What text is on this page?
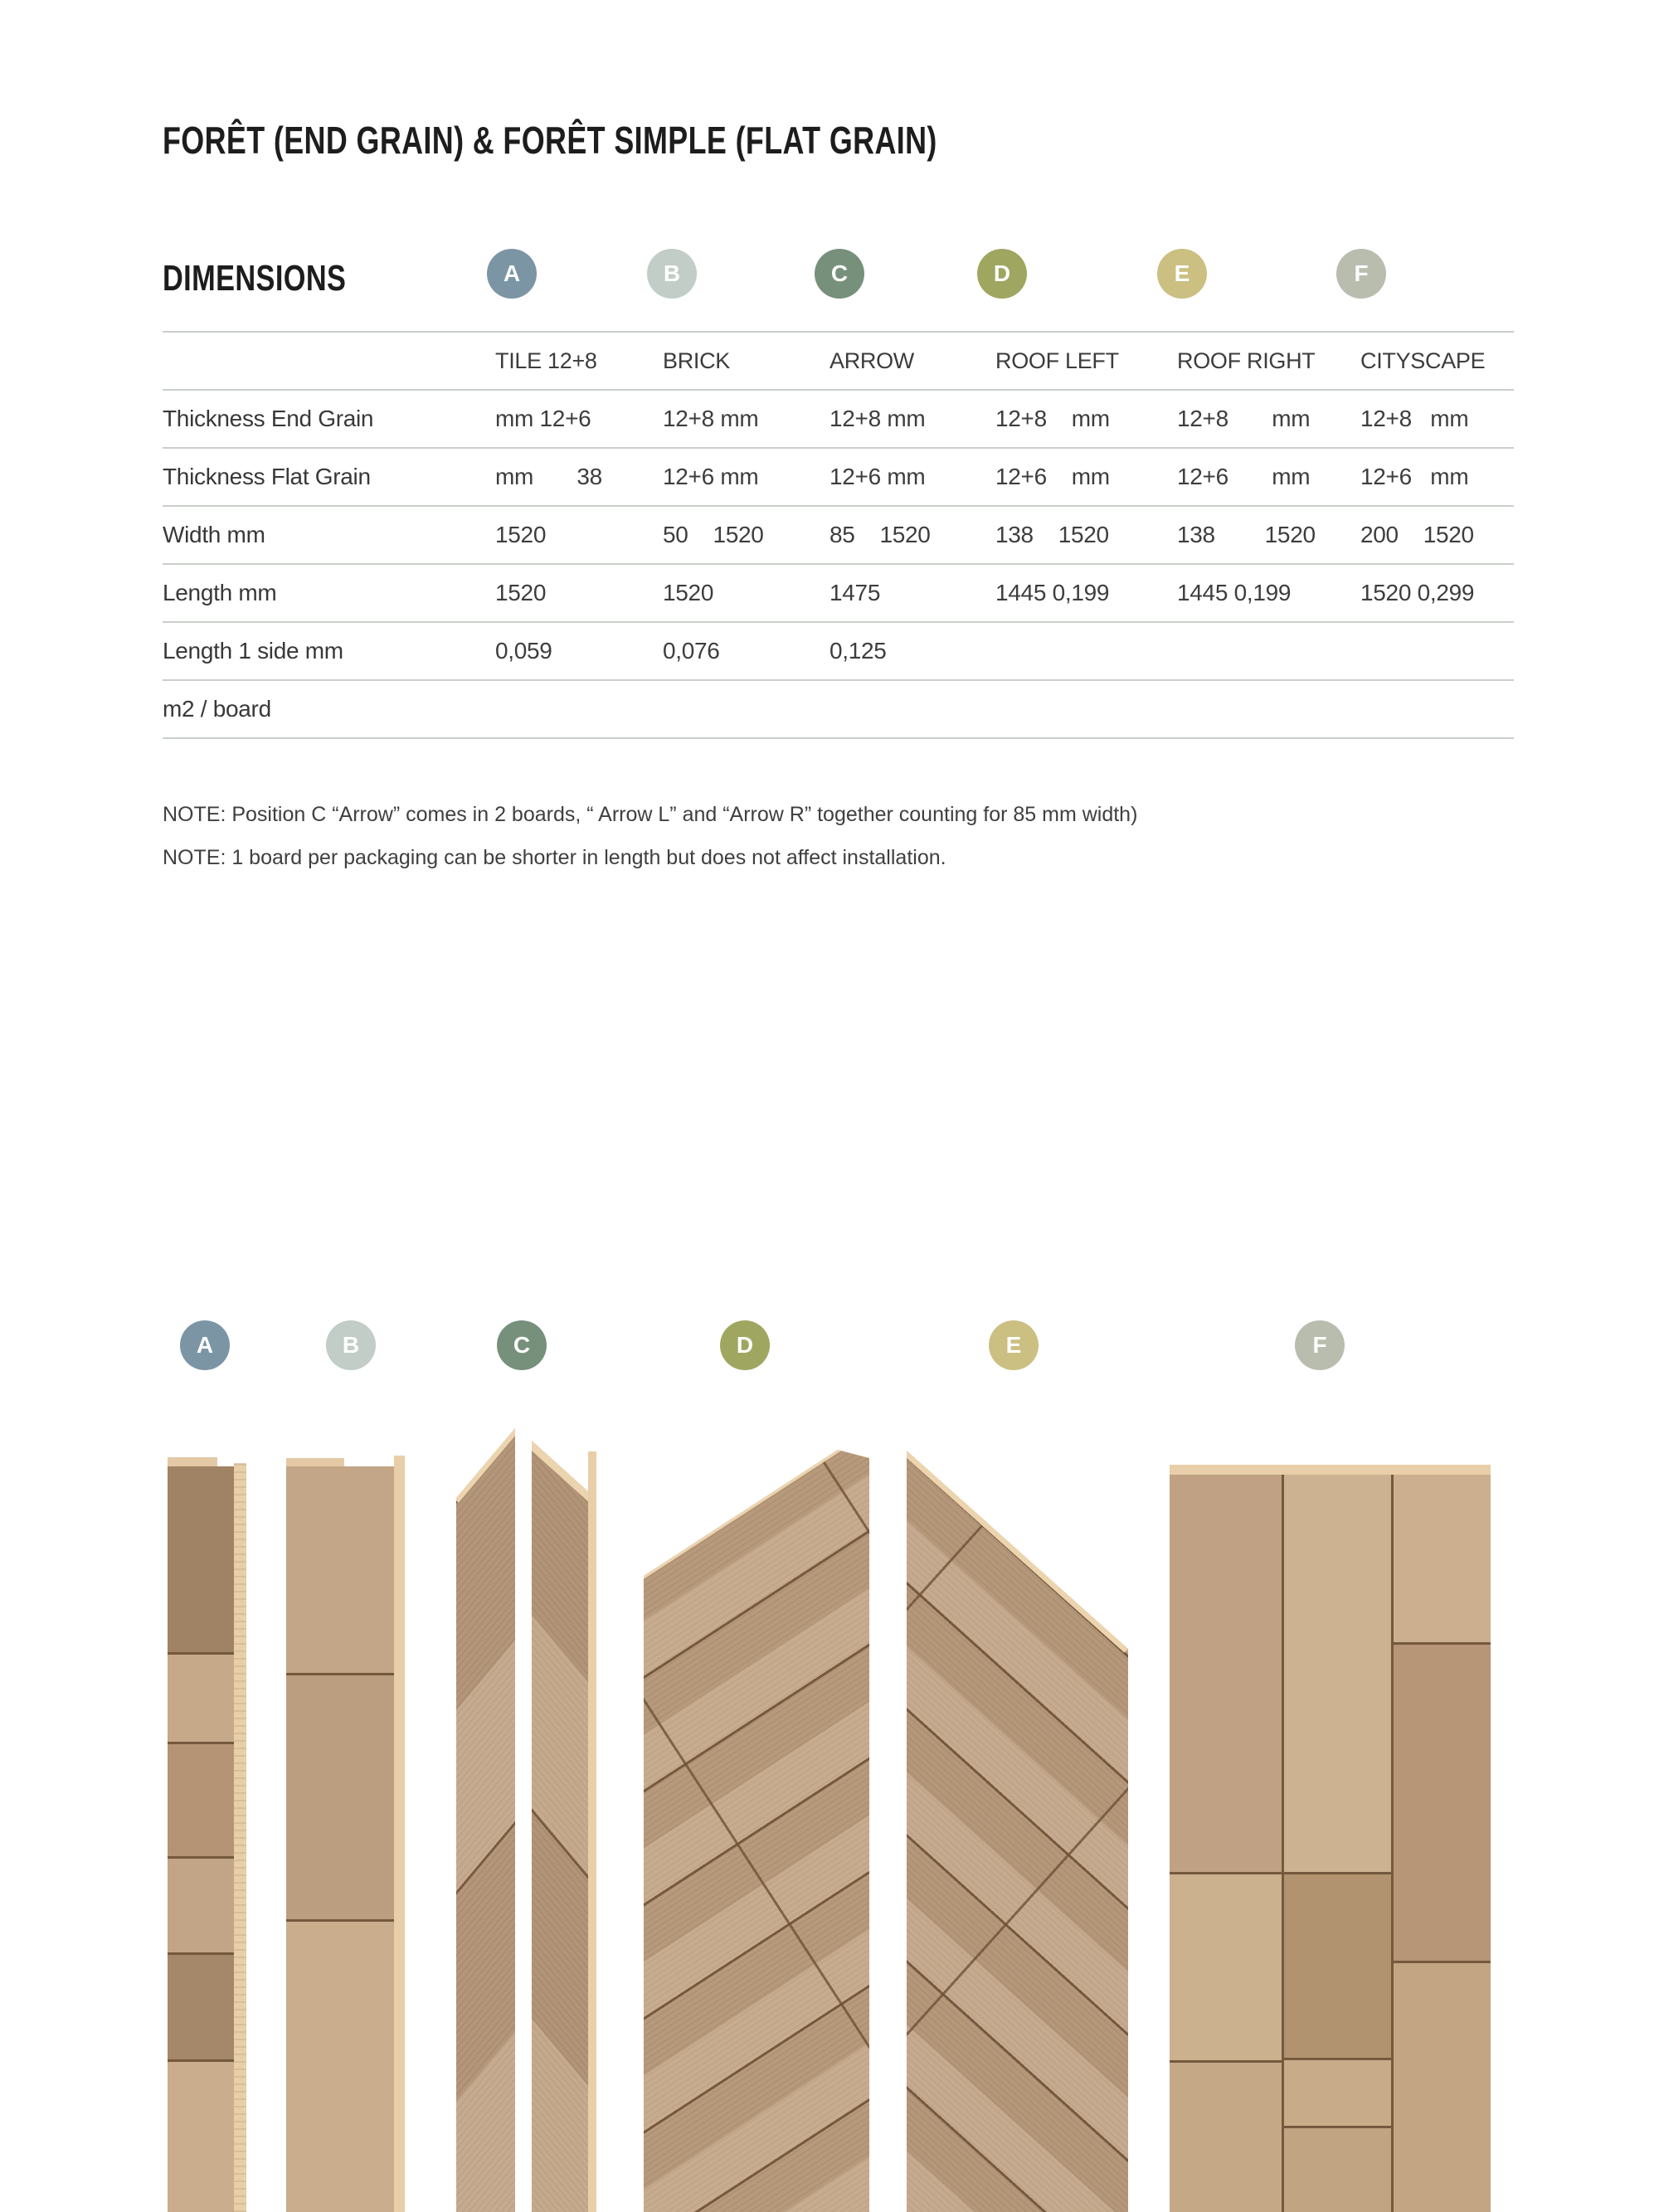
FORÊT (END GRAIN) & FORÊT SIMPLE (FLAT GRAIN)
DIMENSIONS	A	B	C	D	E	F
TILE 12+8	BRICK	ARROW	ROOF LEFT	ROOF RIGHT	CITYSCAPE
Thickness End Grain	mm 12+6	12+8 mm	12+8 mm	12+8    mm	12+8       mm	12+8   mm
Thickness Flat Grain	mm       38	12+6 mm	12+6 mm	12+6    mm	12+6       mm	12+6   mm
Width mm	1520	50    1520	85    1520	138    1520	138        1520	200    1520
Length mm	1520	1520	1475	1445 0,199	1445 0,199	1520 0,299
Length 1 side mm	0,059	0,076	0,125
m2 / board
NOTE: Position C “Arrow” comes in 2 boards, “ Arrow L” and “Arrow R” together counting for 85 mm width)
NOTE: 1 board per packaging can be shorter in length but does not affect installation.
A	B	C	D	E	F
